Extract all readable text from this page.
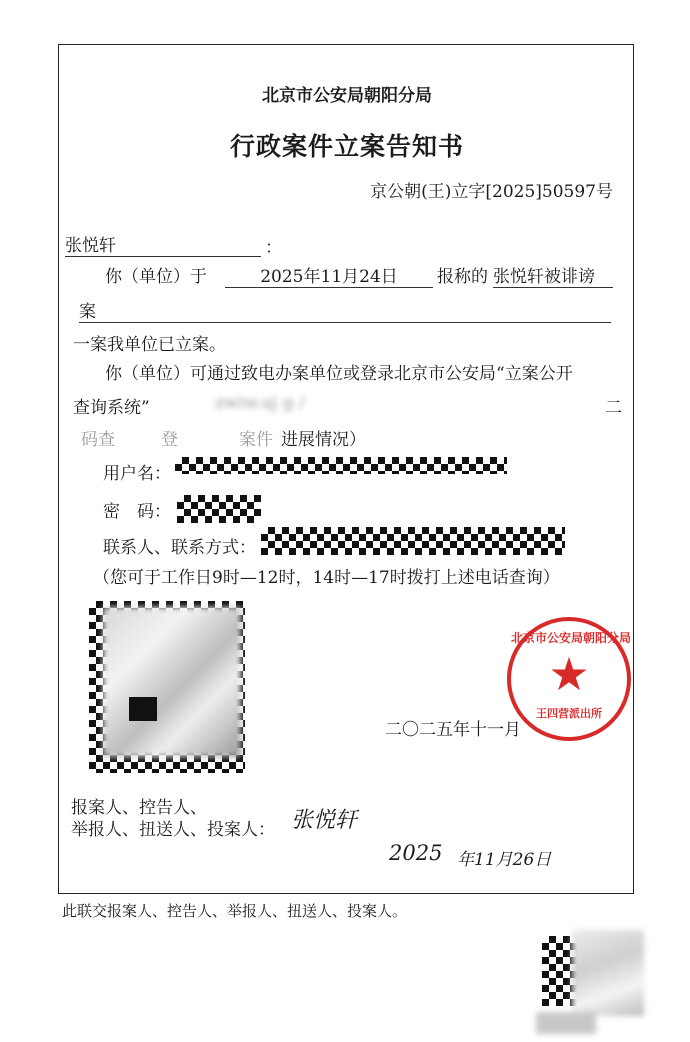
北京市公安局朝阳分局
行政案件立案告知书
京公朝(王)立字[2025]50597号
张悦轩	：
你（单位）于	2025年11月24日	报称的 张悦轩被诽谤
案
一案我单位已立案。
你（单位）可通过致电办案单位或登录北京市公安局“立案公开
查询系统”	zwiw.aj g /	二
码查	登	案件 进展情况）
用户名：
密　码：
联系人、联系方式：
（您可于工作日9时—12时，14时—17时拨打上述电话查询）
二〇二五年十一月
北京市公安局朝阳分局
★
王四营派出所
报案人、控告人、
举报人、扭送人、投案人： 张悦轩
2025 年11月26日
此联交报案人、控告人、举报人、扭送人、投案人。
